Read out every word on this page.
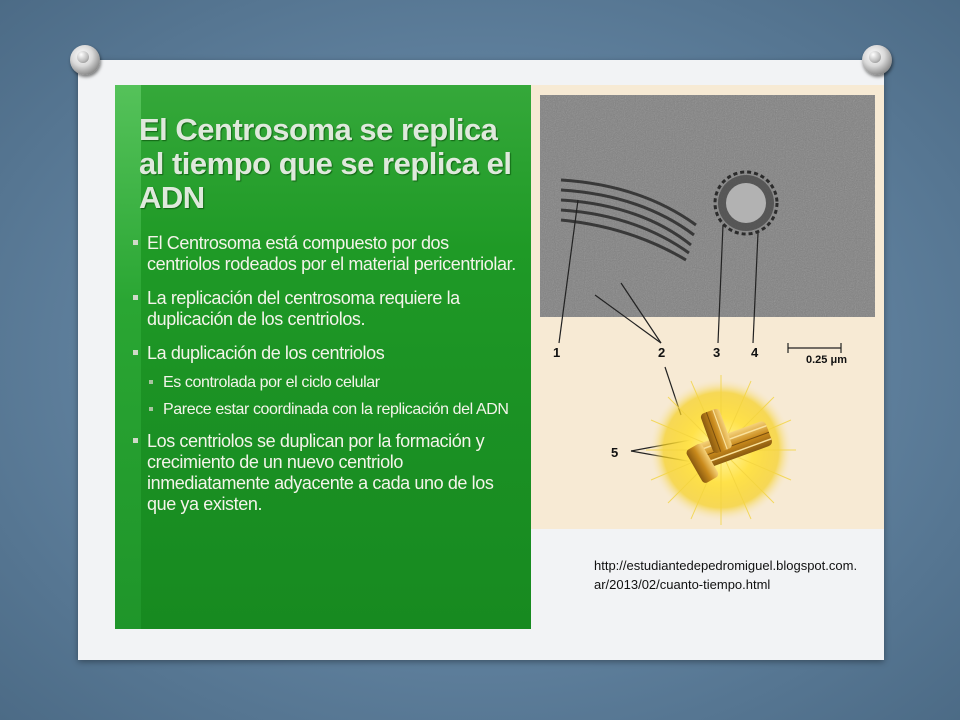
El Centrosoma se replica al tiempo que se replica el ADN
El Centrosoma está compuesto por dos centriolos rodeados por el material pericentriolar.
La replicación del centrosoma requiere la duplicación de los centriolos.
La duplicación de los centriolos
Es controlada por el ciclo celular
Parece estar coordinada con la replicación del ADN
Los centriolos se duplican por la formación y crecimiento de un nuevo centriolo inmediatamente adyacente a cada uno de los que ya existen.
1	2	3 4
5
0.25 μm
http://estudiantedepedromiguel.blogspot.com.ar/2013/02/cuanto-tiempo.html
